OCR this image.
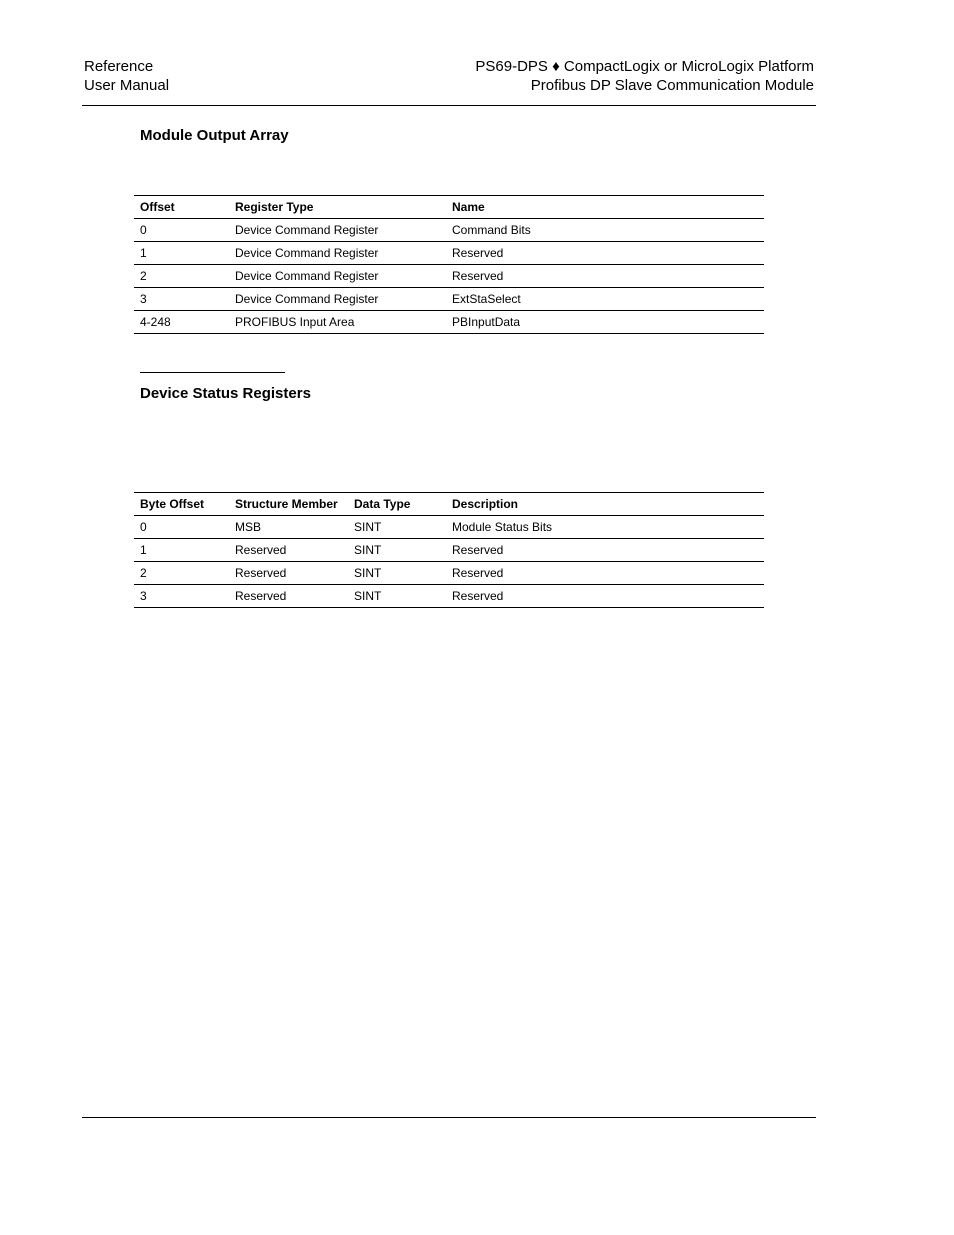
Reference
User Manual
PS69-DPS ♦ CompactLogix or MicroLogix Platform
Profibus DP Slave Communication Module
Module Output Array
Offset	Register Type	Name
0	Device Command Register	Command Bits
1	Device Command Register	Reserved
2	Device Command Register	Reserved
3	Device Command Register	ExtStaSelect
4-248	PROFIBUS Input Area	PBInputData
Device Status Registers
Byte Offset	Structure Member	Data Type	Description
0	MSB	SINT	Module Status Bits
1	Reserved	SINT	Reserved
2	Reserved	SINT	Reserved
3	Reserved	SINT	Reserved
